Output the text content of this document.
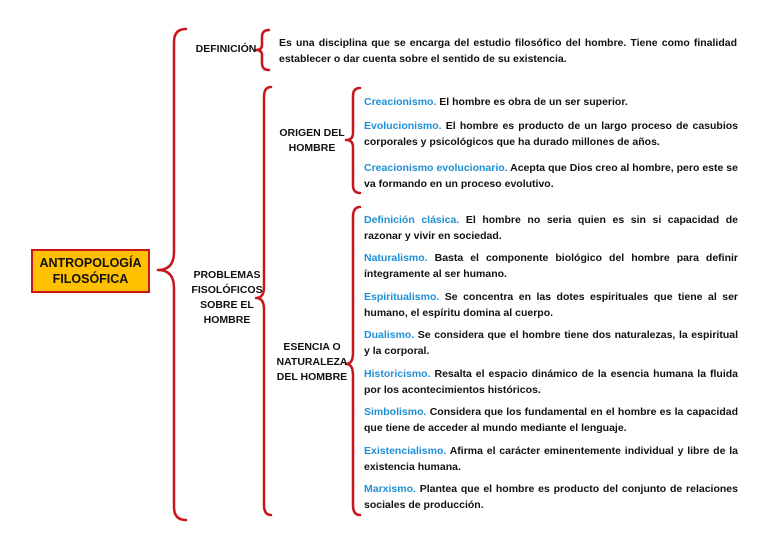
ANTROPOLOGÍA
FILOSÓFICA
DEFINICIÓN Es una disciplina que se encarga del estudio filosófico del hombre. Tiene como finalidad establecer o dar cuenta sobre el sentido de su existencia.
PROBLEMAS
FISOLÓFICOS
SOBRE EL
HOMBRE
ORIGEN DEL
HOMBRE
ESENCIA O
NATURALEZA
DEL HOMBRE
Creacionismo. El hombre es obra de un ser superior.
Evolucionismo. El hombre es producto de un largo proceso de casubios corporales y psicológicos que ha durado millones de años.
Creacionismo evolucionario. Acepta que Dios creo al hombre, pero este se va formando en un proceso evolutivo.
Definición clásica. El hombre no seria quien es sin si capacidad de razonar y vivir en sociedad.
Naturalismo. Basta el componente biológico del hombre para definir íntegramente al ser humano.
Espiritualismo. Se concentra en las dotes espirituales que tiene al ser humano, el espíritu domina al cuerpo.
Dualismo. Se considera que el hombre tiene dos naturalezas, la espiritual y la corporal.
Historicismo. Resalta el espacio dinámico de la esencia humana la fluida por los acontecimientos históricos.
Simbolismo. Considera que los fundamental en el hombre es la capacidad que tiene de acceder al mundo mediante el lenguaje.
Existencialismo. Afirma el carácter eminentemente individual y libre de la existencia humana.
Marxismo. Plantea que el hombre es producto del conjunto de relaciones sociales de producción.
